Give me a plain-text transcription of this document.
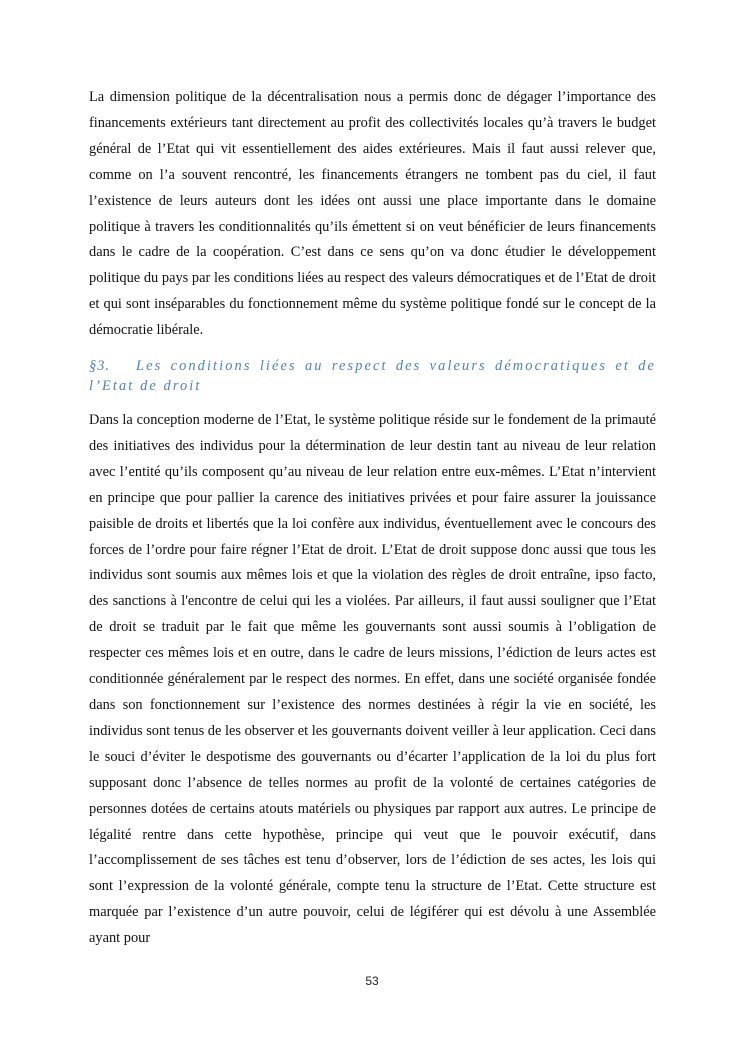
La dimension politique de la décentralisation nous a permis donc de dégager l’importance des financements extérieurs tant directement au profit des collectivités locales qu’à travers le budget général de l’Etat qui vit essentiellement des aides extérieures. Mais il faut aussi relever que, comme on l’a souvent rencontré, les financements étrangers ne tombent pas du ciel, il faut l’existence de leurs auteurs dont les idées ont aussi une place importante dans le domaine politique à travers les conditionnalités qu’ils émettent si on veut bénéficier de leurs financements dans le cadre de la coopération. C’est dans ce sens qu’on va donc étudier le développement politique du pays par les conditions liées au respect des valeurs démocratiques et de l’Etat de droit et qui sont inséparables du fonctionnement même du système politique fondé sur le concept de la démocratie libérale.

§3. Les conditions liées au respect des valeurs démocratiques et de l’Etat de droit

Dans la conception moderne de l’Etat, le système politique réside sur le fondement de la primauté des initiatives des individus pour la détermination de leur destin tant au niveau de leur relation avec l’entité qu’ils composent qu’au niveau de leur relation entre eux-mêmes. L’Etat n’intervient en principe que pour pallier la carence des initiatives privées et pour faire assurer la jouissance paisible de droits et libertés que la loi confère aux individus, éventuellement avec le concours des forces de l’ordre pour faire régner l’Etat de droit. L’Etat de droit suppose donc aussi que tous les individus sont soumis aux mêmes lois et que la violation des règles de droit entraîne, ipso facto, des sanctions à l'encontre de celui qui les a violées. Par ailleurs, il faut aussi souligner que l’Etat de droit se traduit par le fait que même les gouvernants sont aussi soumis à l’obligation de respecter ces mêmes lois et en outre, dans le cadre de leurs missions, l’édiction de leurs actes est conditionnée généralement par le respect des normes. En effet, dans une société organisée fondée dans son fonctionnement sur l’existence des normes destinées à régir la vie en société, les individus sont tenus de les observer et les gouvernants doivent veiller à leur application. Ceci dans le souci d’éviter le despotisme des gouvernants ou d’écarter l’application de la loi du plus fort supposant donc l’absence de telles normes au profit de la volonté de certaines catégories de personnes dotées de certains atouts matériels ou physiques par rapport aux autres. Le principe de légalité rentre dans cette hypothèse, principe qui veut que le pouvoir exécutif, dans l’accomplissement de ses tâches est tenu d’observer, lors de l’édiction de ses actes, les lois qui sont l’expression de la volonté générale, compte tenu la structure de l’Etat. Cette structure est marquée par l’existence d’un autre pouvoir, celui de légiférer qui est dévolu à une Assemblée ayant pour

53
